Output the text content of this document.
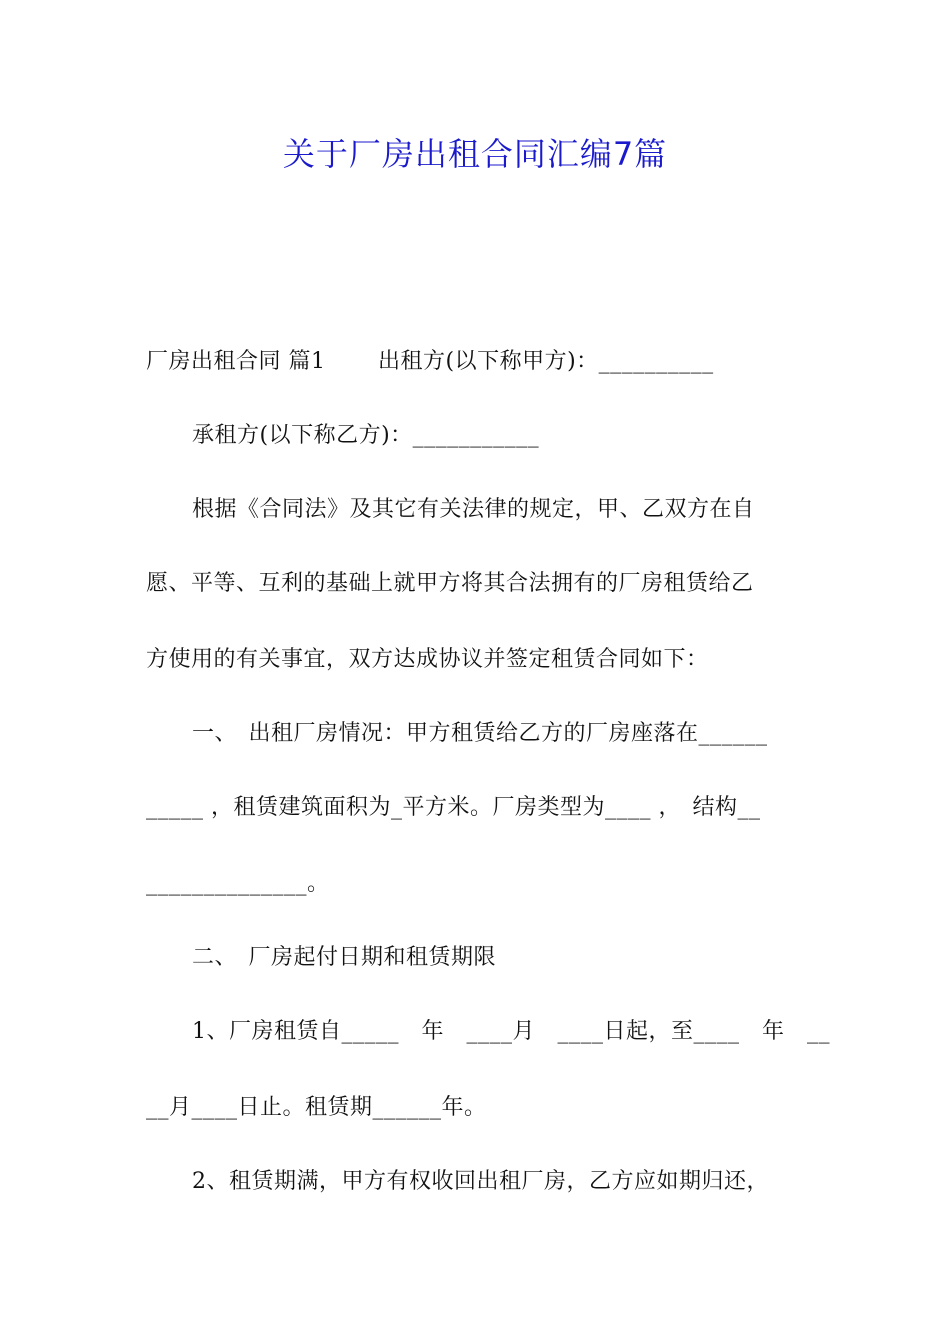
关于厂房出租合同汇编7篇
厂房出租合同 篇1　　 出租方(以下称甲方)：__________
承租方(以下称乙方)：___________
根据《合同法》及其它有关法律的规定，甲、乙双方在自
愿、平等、互利的基础上就甲方将其合法拥有的厂房租赁给乙
方使用的有关事宜，双方达成协议并签定租赁合同如下：
一、　出租厂房情况：甲方租赁给乙方的厂房座落在______
_____ ，租赁建筑面积为_平方米。厂房类型为____ ，　结构__
______________。
二、　厂房起付日期和租赁期限
1、厂房租赁自_____　年　____月　____日起，至____　年　__
__月____日止。租赁期______年。
2、租赁期满，甲方有权收回出租厂房，乙方应如期归还，
